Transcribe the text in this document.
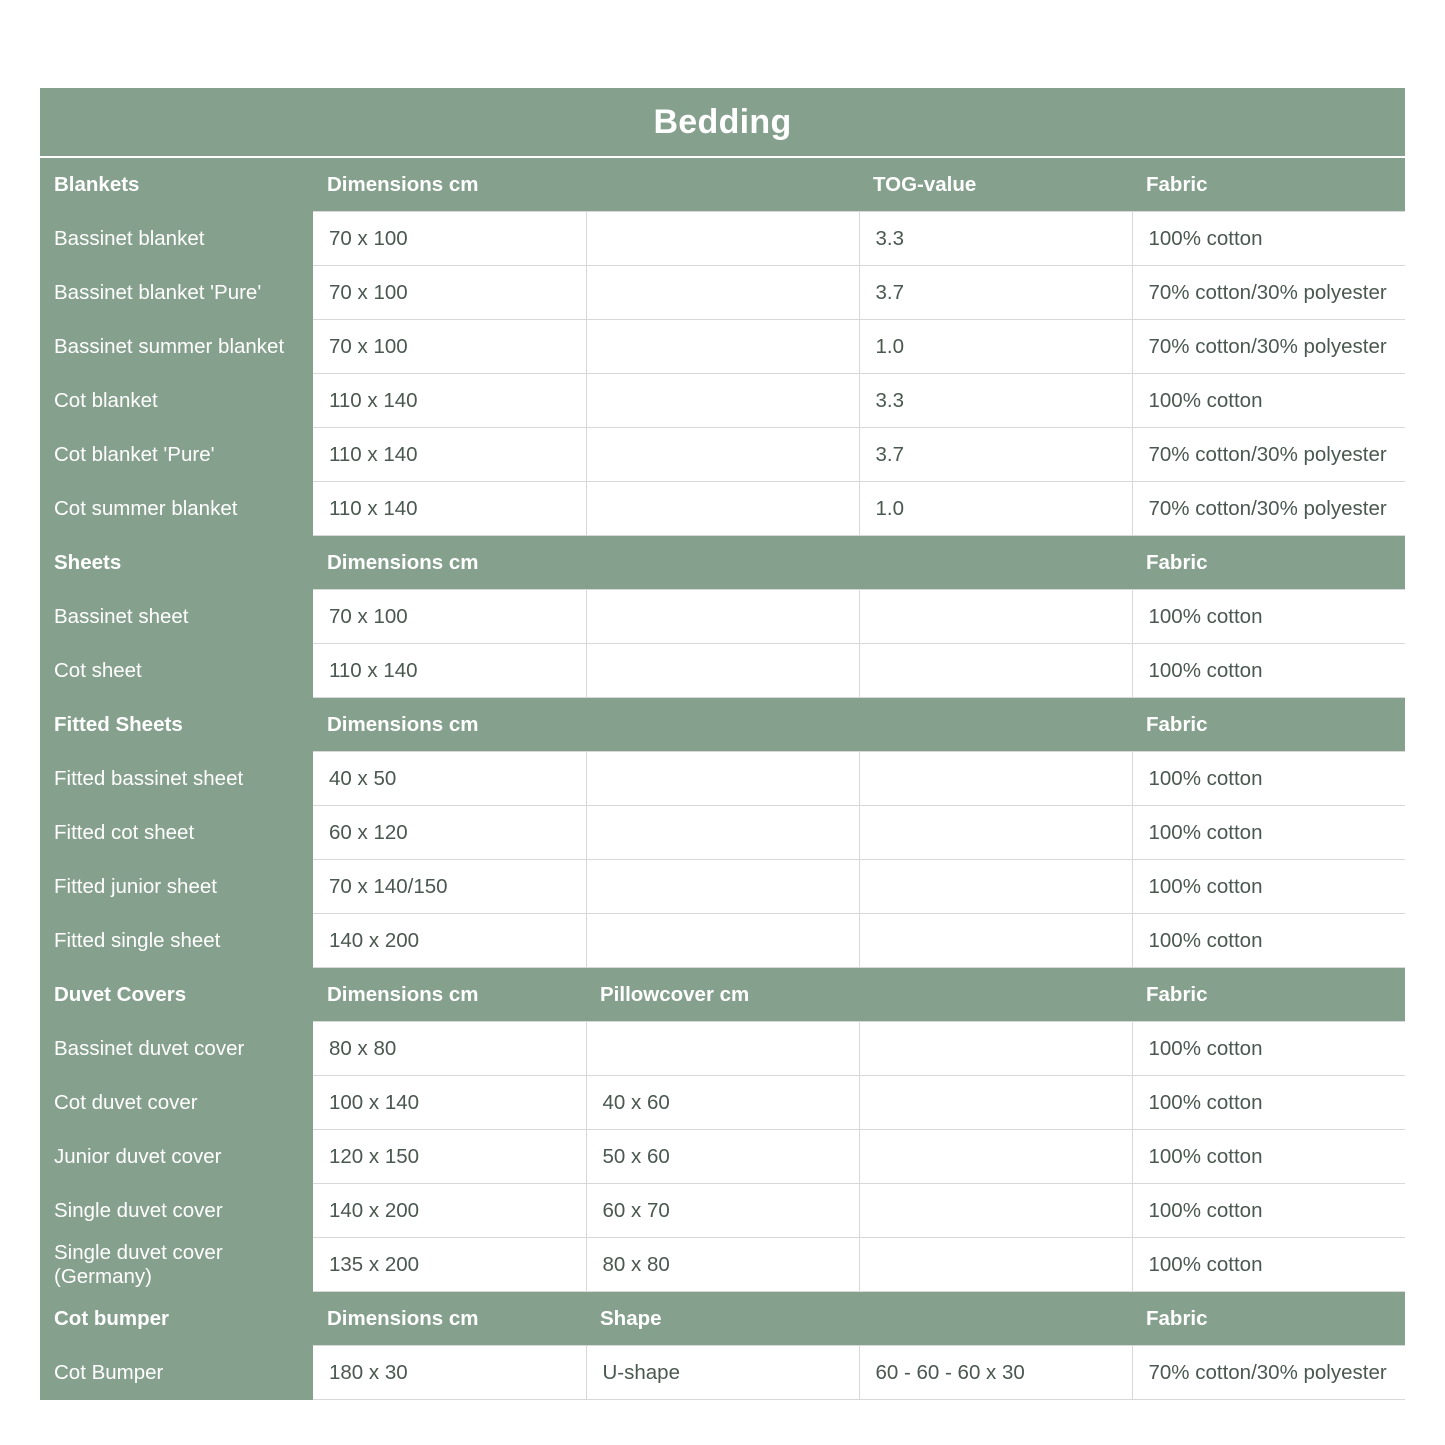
Bedding				
Blankets	Dimensions cm		TOG-value	Fabric
Bassinet blanket	70 x 100		3.3	100% cotton
Bassinet blanket 'Pure'	70 x 100		3.7	70% cotton/30% polyester
Bassinet summer blanket	70 x 100		1.0	70% cotton/30% polyester
Cot blanket	110 x 140		3.3	100% cotton
Cot blanket 'Pure'	110 x 140		3.7	70% cotton/30% polyester
Cot summer blanket	110 x 140		1.0	70% cotton/30% polyester
Sheets	Dimensions cm			Fabric
Bassinet sheet	70 x 100			100% cotton
Cot sheet	110 x 140			100% cotton
Fitted Sheets	Dimensions cm			Fabric
Fitted bassinet sheet	40 x 50			100% cotton
Fitted cot sheet	60 x 120			100% cotton
Fitted junior sheet	70 x 140/150			100% cotton
Fitted single sheet	140 x 200			100% cotton
Duvet Covers	Dimensions cm	Pillowcover cm		Fabric
Bassinet duvet cover	80 x 80			100% cotton
Cot duvet cover	100 x 140	40 x 60		100% cotton
Junior duvet cover	120 x 150	50 x 60		100% cotton
Single duvet cover	140 x 200	60 x 70		100% cotton
Single duvet cover (Germany)	135 x 200	80 x 80		100% cotton
Cot bumper	Dimensions cm	Shape		Fabric
Cot Bumper	180 x 30	U-shape	60 - 60 - 60 x 30	70% cotton/30% polyester
